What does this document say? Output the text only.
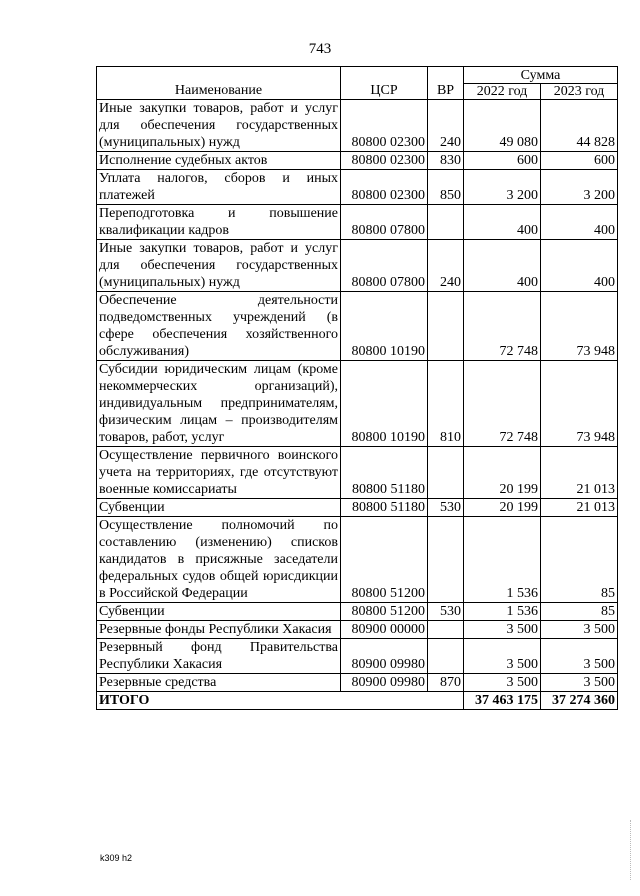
743
Наименование	ЦСР	ВР	Сумма	
			2022 год	2023 год
Иные закупки товаров, работ и услуг для обеспечения государственных (муниципальных) нужд	80800 02300	240	49 080	44 828
Исполнение судебных актов	80800 02300	830	600	600
Уплата налогов, сборов и иных платежей	80800 02300	850	3 200	3 200
Переподготовка и повышение квалификации кадров	80800 07800		400	400
Иные закупки товаров, работ и услуг для обеспечения государственных (муниципальных) нужд	80800 07800	240	400	400
Обеспечение деятельности подведомственных учреждений (в сфере обеспечения хозяйственного обслуживания)	80800 10190		72 748	73 948
Субсидии юридическим лицам (кроме некоммерческих организаций), индивидуальным предпринимателям, физическим лицам – производителям товаров, работ, услуг	80800 10190	810	72 748	73 948
Осуществление первичного воинского учета на территориях, где отсутствуют военные комиссариаты	80800 51180		20 199	21 013
Субвенции	80800 51180	530	20 199	21 013
Осуществление полномочий по составлению (изменению) списков кандидатов в присяжные заседатели федеральных судов общей юрисдикции в Российской Федерации	80800 51200		1 536	85
Субвенции	80800 51200	530	1 536	85
Резервные фонды Республики Хакасия	80900 00000		3 500	3 500
Резервный фонд Правительства Республики Хакасия	80900 09980		3 500	3 500
Резервные средства	80900 09980	870	3 500	3 500
ИТОГО			37 463 175	37 274 360
k309 h2
